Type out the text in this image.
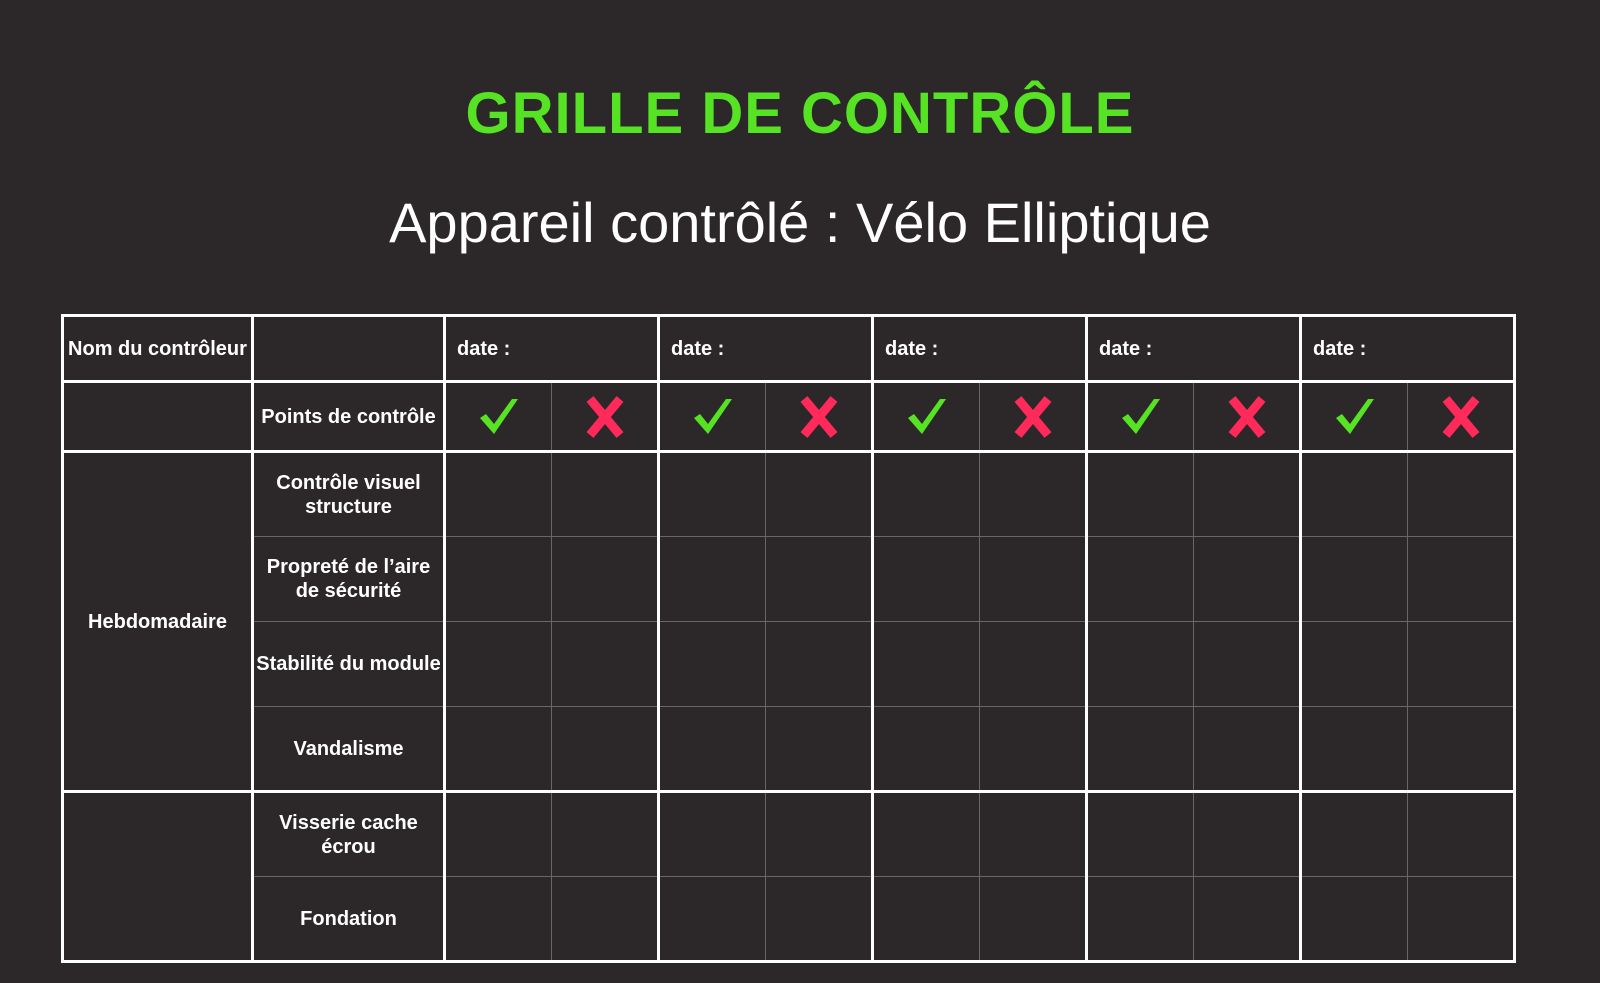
GRILLE DE CONTRÔLE
Appareil contrôlé : Vélo Elliptique
Nom du contrôleur		date :		date :		date :		date :		date :	
	Points de contrôle	

Hebdomadaire	Contrôle visuel structure										
	Propreté de l’aire de sécurité										
	Stabilité du module										
	Vandalisme										
	Visserie cache écrou										
	Fondation										
